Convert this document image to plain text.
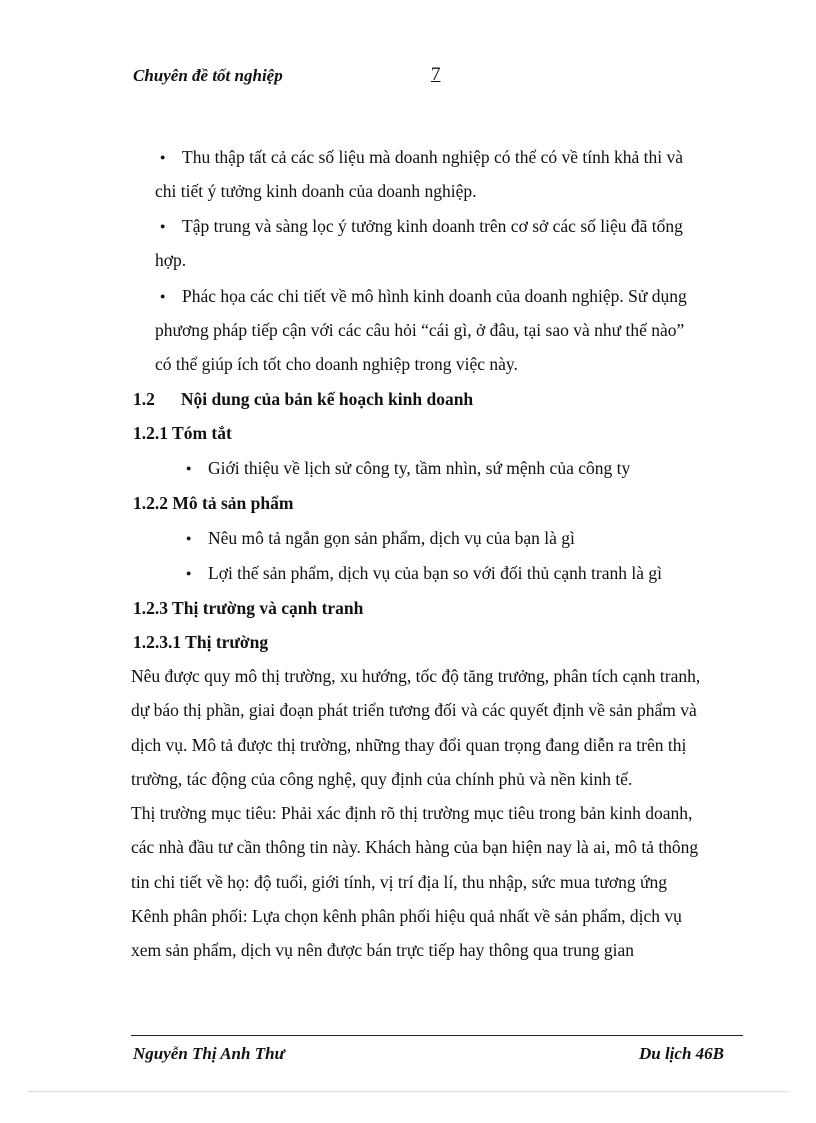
Chuyên đề tốt nghiệp	7
●Thu thập tất cả các số liệu mà doanh nghiệp có thể có về tính khả thi và
chi tiết ý tưởng kinh doanh của doanh nghiệp.
●Tập trung và sàng lọc ý tưởng kinh doanh trên cơ sở các số liệu đã tổng
hợp.
●Phác họa các chi tiết về mô hình kinh doanh của doanh nghiệp. Sử dụng
phương pháp tiếp cận với các câu hỏi “cái gì, ở đâu, tại sao và như thế nào”
có thể giúp ích tốt cho doanh nghiệp trong việc này.
1.2 Nội dung của bản kế hoạch kinh doanh
1.2.1 Tóm tắt
●Giới thiệu về lịch sử công ty, tầm nhìn, sứ mệnh của công ty
1.2.2 Mô tả sản phẩm
●Nêu mô tả ngắn gọn sản phẩm, dịch vụ của bạn là gì
●Lợi thế sản phẩm, dịch vụ của bạn so với đối thủ cạnh tranh là gì
1.2.3 Thị trường và cạnh tranh
1.2.3.1 Thị trường
Nêu được quy mô thị trường, xu hướng, tốc độ tăng trưởng, phân tích cạnh tranh,
dự báo thị phần, giai đoạn phát triển tương đối và các quyết định về sản phẩm và
dịch vụ. Mô tả được thị trường, những thay đổi quan trọng đang diễn ra trên thị
trường, tác động của công nghệ, quy định của chính phủ và nền kinh tế.
Thị trường mục tiêu: Phải xác định rõ thị trường mục tiêu trong bản kinh doanh,
các nhà đầu tư cần thông tin này. Khách hàng của bạn hiện nay là ai, mô tả thông
tin chi tiết về họ: độ tuổi, giới tính, vị trí địa lí, thu nhập, sức mua tương ứng
Kênh phân phối: Lựa chọn kênh phân phối hiệu quả nhất về sản phẩm, dịch vụ
xem sản phẩm, dịch vụ nên được bán trực tiếp hay thông qua trung gian
Nguyễn Thị Anh Thư	Du lịch 46B
